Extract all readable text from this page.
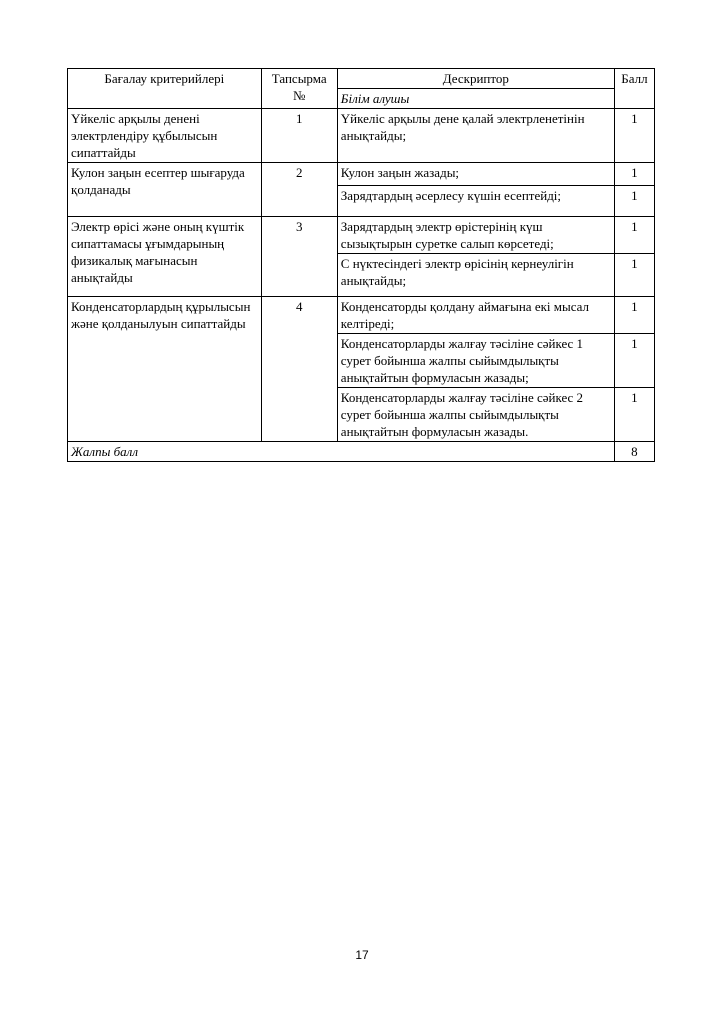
Бағалау критерийлері	Тапсырма №	Дескриптор	Балл
		Білім алушы	
Үйкеліс арқылы денені электрлендіру құбылысын сипаттайды	1	Үйкеліс арқылы дене қалай электрленетінін анықтайды;	1
Кулон заңын есептер шығаруда қолданады	2	Кулон заңын жазады;	1
		Зарядтардың әсерлесу күшін есептейді;	1
Электр өрісі және оның күштік сипаттамасы ұғымдарының физикалық мағынасын анықтайды	3	Зарядтардың электр өрістерінің күш сызықтырын суретке салып көрсетеді;	1
		С нүктесіндегі электр өрісінің кернеулігін анықтайды;	1
Конденсаторлардың құрылысын және қолданылуын сипаттайды	4	Конденсаторды қолдану аймағына екі мысал келтіреді;	1
		Конденсаторларды жалғау тәсіліне сәйкес 1 сурет бойынша жалпы сыйымдылықты анықтайтын формуласын жазады;	1
		Конденсаторларды жалғау тәсіліне сәйкес 2 сурет бойынша жалпы сыйымдылықты анықтайтын формуласын жазады.	1
Жалпы балл			8
17
